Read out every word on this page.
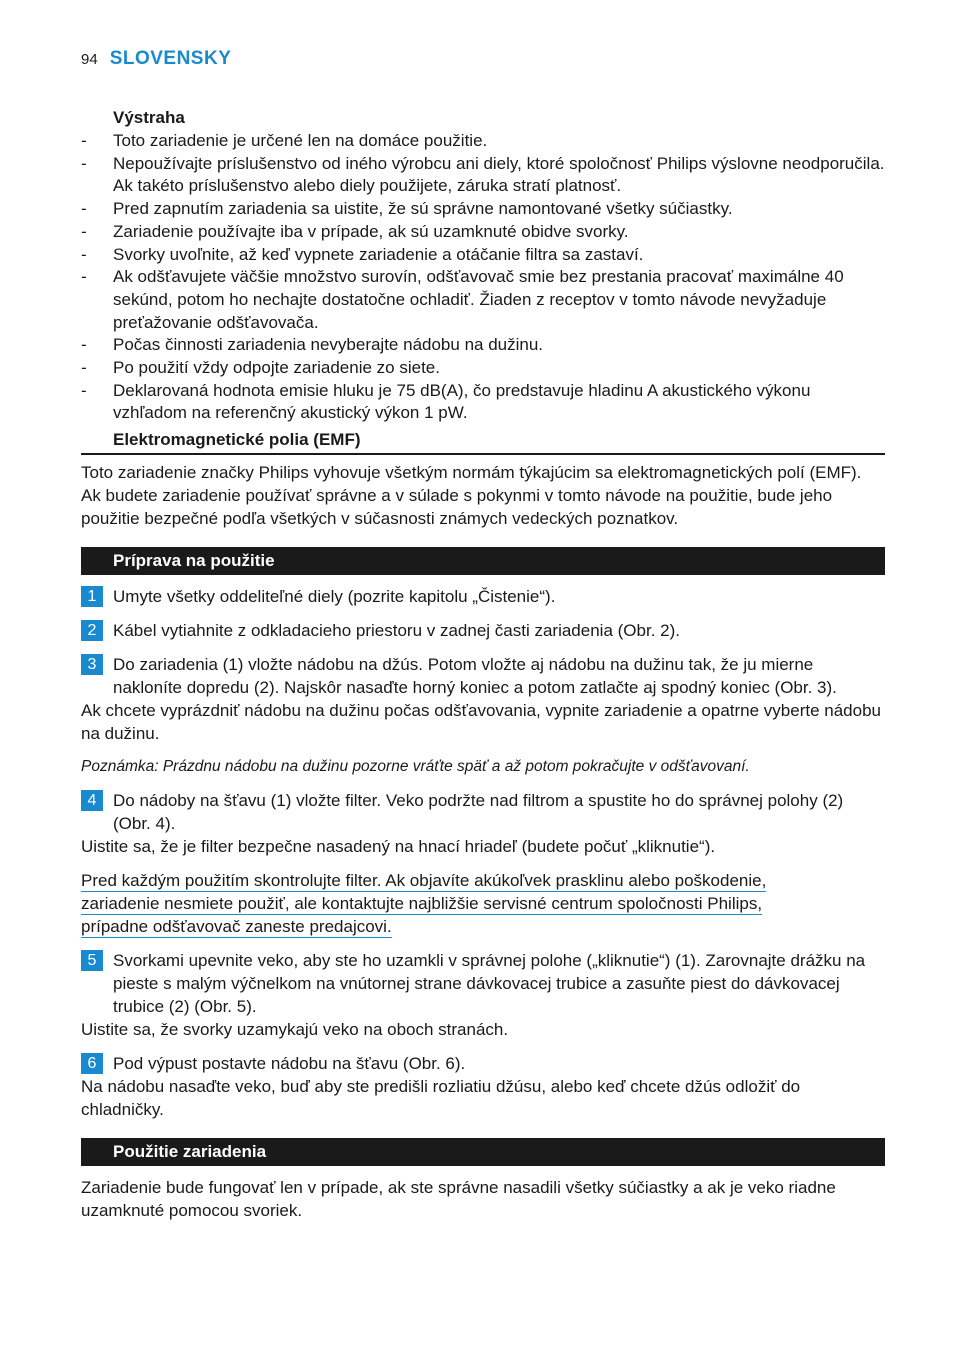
94 SLOVENSKY
Výstraha
- Toto zariadenie je určené len na domáce použitie.
- Nepoužívajte príslušenstvo od iného výrobcu ani diely, ktoré spoločnosť Philips výslovne neodporučila. Ak takéto príslušenstvo alebo diely použijete, záruka stratí platnosť.
- Pred zapnutím zariadenia sa uistite, že sú správne namontované všetky súčiastky.
- Zariadenie používajte iba v prípade, ak sú uzamknuté obidve svorky.
- Svorky uvoľnite, až keď vypnete zariadenie a otáčanie filtra sa zastaví.
- Ak odšťavujete väčšie množstvo surovín, odšťavovač smie bez prestania pracovať maximálne 40 sekúnd, potom ho nechajte dostatočne ochladiť. Žiaden z receptov v tomto návode nevyžaduje preťažovanie odšťavovača.
- Počas činnosti zariadenia nevyberajte nádobu na dužinu.
- Po použití vždy odpojte zariadenie zo siete.
- Deklarovaná hodnota emisie hluku je 75 dB(A), čo predstavuje hladinu A akustického výkonu vzhľadom na referenčný akustický výkon 1 pW.
Elektromagnetické polia (EMF)

Toto zariadenie značky Philips vyhovuje všetkým normám týkajúcim sa elektromagnetických polí (EMF). Ak budete zariadenie používať správne a v súlade s pokynmi v tomto návode na použitie, bude jeho použitie bezpečné podľa všetkých v súčasnosti známych vedeckých poznatkov.

Príprava na použitie
1 Umyte všetky oddeliteľné diely (pozrite kapitolu „Čistenie“).
2 Kábel vytiahnite z odkladacieho priestoru v zadnej časti zariadenia (Obr. 2).
3 Do zariadenia (1) vložte nádobu na džús. Potom vložte aj nádobu na dužinu tak, že ju mierne nakloníte dopredu (2). Najskôr nasaďte horný koniec a potom zatlačte aj spodný koniec (Obr. 3).

Ak chcete vyprázdniť nádobu na dužinu počas odšťavovania, vypnite zariadenie a opatrne vyberte nádobu na dužinu.

Poznámka: Prázdnu nádobu na dužinu pozorne vráťte späť a až potom pokračujte v odšťavovaní.

4 Do nádoby na šťavu (1) vložte filter. Veko podržte nad filtrom a spustite ho do správnej polohy (2) (Obr. 4).

Uistite sa, že je filter bezpečne nasadený na hnací hriadeľ (budete počuť „kliknutie“).

Pred každým použitím skontrolujte filter. Ak objavíte akúkoľvek prasklinu alebo poškodenie,
zariadenie nesmiete použiť, ale kontaktujte najbližšie servisné centrum spoločnosti Philips,
prípadne odšťavovač zaneste predajcovi.
5 Svorkami upevnite veko, aby ste ho uzamkli v správnej polohe („kliknutie“) (1). Zarovnajte drážku na pieste s malým výčnelkom na vnútornej strane dávkovacej trubice a zasuňte piest do dávkovacej trubice (2) (Obr. 5).

Uistite sa, že svorky uzamykajú veko na oboch stranách.

6 Pod výpust postavte nádobu na šťavu (Obr. 6).

Na nádobu nasaďte veko, buď aby ste predišli rozliatiu džúsu, alebo keď chcete džús odložiť do chladničky.

Použitie zariadenia

Zariadenie bude fungovať len v prípade, ak ste správne nasadili všetky súčiastky a ak je veko riadne uzamknuté pomocou svoriek.
